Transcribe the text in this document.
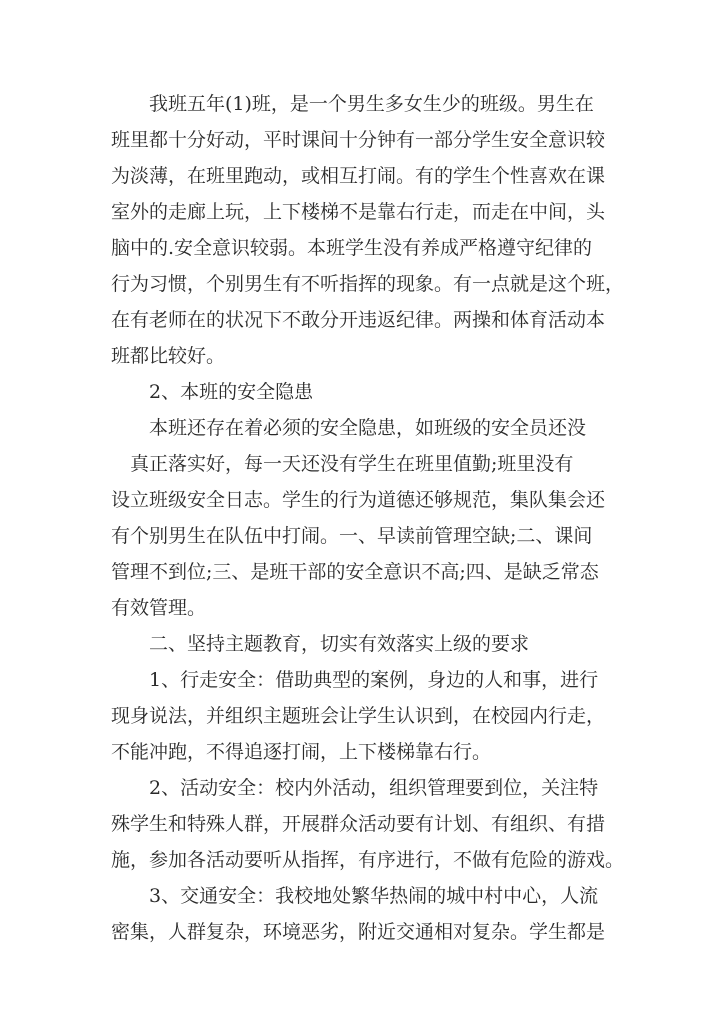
我班五年(1)班，是一个男生多女生少的班级。男生在
班里都十分好动，平时课间十分钟有一部分学生安全意识较
为淡薄，在班里跑动，或相互打闹。有的学生个性喜欢在课
室外的走廊上玩，上下楼梯不是靠右行走，而走在中间，头
脑中的.安全意识较弱。本班学生没有养成严格遵守纪律的
行为习惯，个别男生有不听指挥的现象。有一点就是这个班，
在有老师在的状况下不敢分开违返纪律。两操和体育活动本
班都比较好。
2、本班的安全隐患
本班还存在着必须的安全隐患，如班级的安全员还没
真正落实好，每一天还没有学生在班里值勤;班里没有
设立班级安全日志。学生的行为道德还够规范，集队集会还
有个别男生在队伍中打闹。一、早读前管理空缺;二、课间
管理不到位;三、是班干部的安全意识不高;四、是缺乏常态
有效管理。
二、坚持主题教育，切实有效落实上级的要求
1、行走安全：借助典型的案例，身边的人和事，进行
现身说法，并组织主题班会让学生认识到，在校园内行走，
不能冲跑，不得追逐打闹，上下楼梯靠右行。
2、活动安全：校内外活动，组织管理要到位，关注特
殊学生和特殊人群，开展群众活动要有计划、有组织、有措
施，参加各活动要听从指挥，有序进行，不做有危险的游戏。
3、交通安全：我校地处繁华热闹的城中村中心，人流
密集，人群复杂，环境恶劣，附近交通相对复杂。学生都是
